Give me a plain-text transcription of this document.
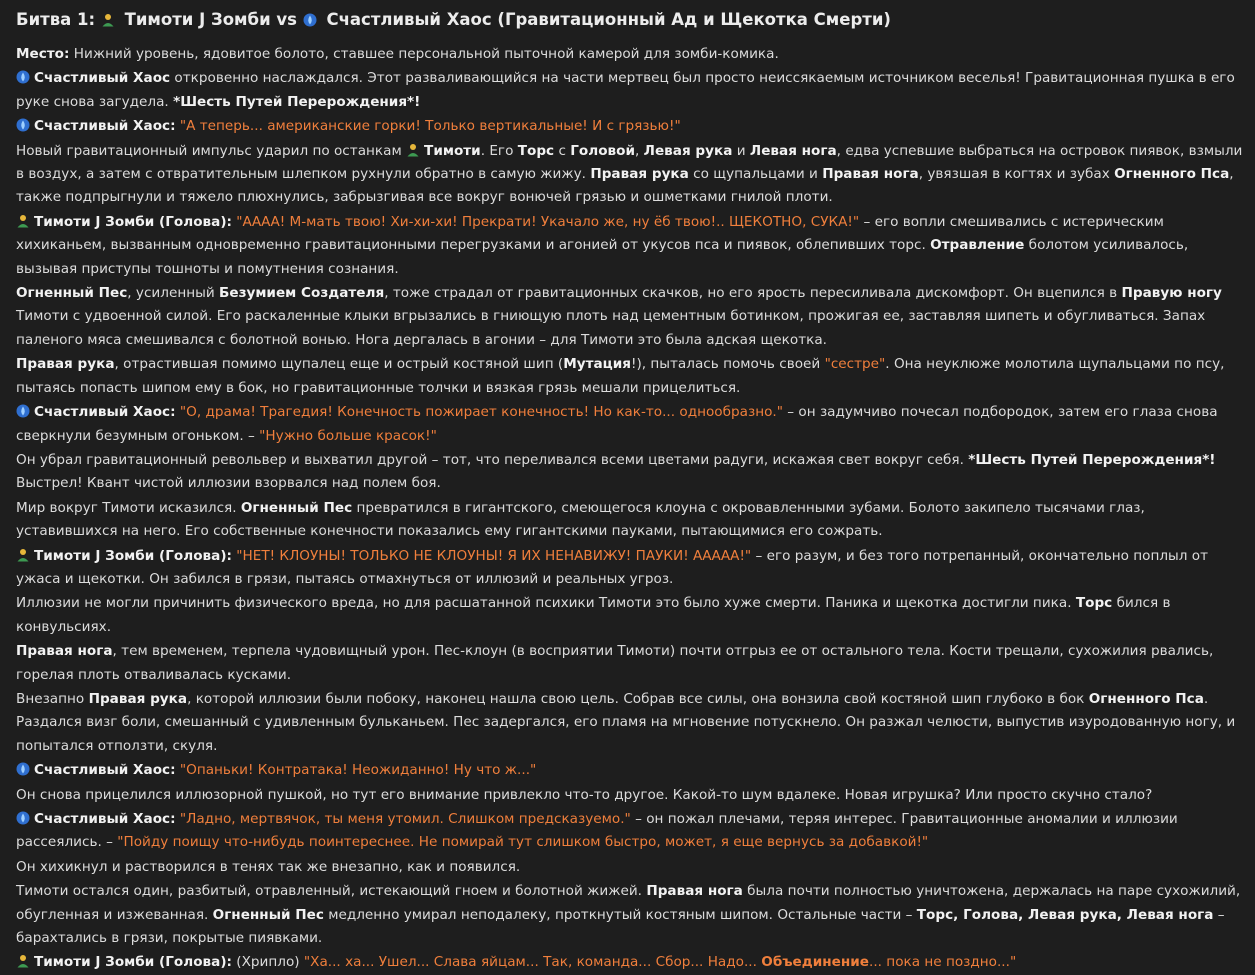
Битва 1:
Тимоти J Зомби vs
Счастливый Хаос (Гравитационный Ад и Щекотка Смерти)

Место: Нижний уровень, ядовитое болото, ставшее персональной пыточной камерой для зомби-комика.

Счастливый Хаос откровенно наслаждался. Этот разваливающийся на части мертвец был просто неиссякаемым источником веселья! Гравитационная пушка в его руке снова загудела. *Шесть Путей Перерождения*!

Счастливый Хаос: "А теперь... американские горки! Только вертикальные! И с грязью!"

Новый гравитационный импульс ударил по останкам
Тимоти. Его Торс с Головой, Левая рука и Левая нога, едва успевшие выбраться на островок пиявок, взмыли в воздух, а затем с отвратительным шлепком рухнули обратно в самую жижу. Правая рука со щупальцами и Правая нога, увязшая в когтях и зубах Огненного Пса, также подпрыгнули и тяжело плюхнулись, забрызгивая все вокруг вонючей грязью и ошметками гнилой плоти.

Тимоти J Зомби (Голова): "АААА! М-мать твою! Хи-хи-хи! Прекрати! Укачало же, ну ёб твою!.. ЩЕКОТНО, СУКА!" – его вопли смешивались с истерическим хихиканьем, вызванным одновременно гравитационными перегрузками и агонией от укусов пса и пиявок, облепивших торс. Отравление болотом усиливалось, вызывая приступы тошноты и помутнения сознания.

Огненный Пес, усиленный Безумием Создателя, тоже страдал от гравитационных скачков, но его ярость пересиливала дискомфорт. Он вцепился в Правую ногу Тимоти с удвоенной силой. Его раскаленные клыки вгрызались в гниющую плоть над цементным ботинком, прожигая ее, заставляя шипеть и обугливаться. Запах паленого мяса смешивался с болотной вонью. Нога дергалась в агонии – для Тимоти это была адская щекотка.

Правая рука, отрастившая помимо щупалец еще и острый костяной шип (Мутация!), пыталась помочь своей "сестре". Она неуклюже молотила щупальцами по псу, пытаясь попасть шипом ему в бок, но гравитационные толчки и вязкая грязь мешали прицелиться.

Счастливый Хаос: "О, драма! Трагедия! Конечность пожирает конечность! Но как-то... однообразно." – он задумчиво почесал подбородок, затем его глаза снова сверкнули безумным огоньком. – "Нужно больше красок!"

Он убрал гравитационный револьвер и выхватил другой – тот, что переливался всеми цветами радуги, искажая свет вокруг себя. *Шесть Путей Перерождения*! Выстрел! Квант чистой иллюзии взорвался над полем боя.

Мир вокруг Тимоти исказился. Огненный Пес превратился в гигантского, смеющегося клоуна с окровавленными зубами. Болото закипело тысячами глаз, уставившихся на него. Его собственные конечности показались ему гигантскими пауками, пытающимися его сожрать.

Тимоти J Зомби (Голова): "НЕТ! КЛОУНЫ! ТОЛЬКО НЕ КЛОУНЫ! Я ИХ НЕНАВИЖУ! ПАУКИ! ААААА!" – его разум, и без того потрепанный, окончательно поплыл от ужаса и щекотки. Он забился в грязи, пытаясь отмахнуться от иллюзий и реальных угроз.

Иллюзии не могли причинить физического вреда, но для расшатанной психики Тимоти это было хуже смерти. Паника и щекотка достигли пика. Торс бился в конвульсиях.

Правая нога, тем временем, терпела чудовищный урон. Пес-клоун (в восприятии Тимоти) почти отгрыз ее от остального тела. Кости трещали, сухожилия рвались, горелая плоть отваливалась кусками.

Внезапно Правая рука, которой иллюзии были побоку, наконец нашла свою цель. Собрав все силы, она вонзила свой костяной шип глубоко в бок Огненного Пса. Раздался визг боли, смешанный с удивленным бульканьем. Пес задергался, его пламя на мгновение потускнело. Он разжал челюсти, выпустив изуродованную ногу, и попытался отползти, скуля.

Счастливый Хаос: "Опаньки! Контратака! Неожиданно! Ну что ж..."

Он снова прицелился иллюзорной пушкой, но тут его внимание привлекло что-то другое. Какой-то шум вдалеке. Новая игрушка? Или просто скучно стало?

Счастливый Хаос: "Ладно, мертвячок, ты меня утомил. Слишком предсказуемо." – он пожал плечами, теряя интерес. Гравитационные аномалии и иллюзии рассеялись. – "Пойду поищу что-нибудь поинтереснее. Не помирай тут слишком быстро, может, я еще вернусь за добавкой!"

Он хихикнул и растворился в тенях так же внезапно, как и появился.

Тимоти остался один, разбитый, отравленный, истекающий гноем и болотной жижей. Правая нога была почти полностью уничтожена, держалась на паре сухожилий, обугленная и изжеванная. Огненный Пес медленно умирал неподалеку, проткнутый костяным шипом. Остальные части – Торс, Голова, Левая рука, Левая нога – барахтались в грязи, покрытые пиявками.

Тимоти J Зомби (Голова): (Хрипло) "Ха... ха... Ушел... Слава яйцам... Так, команда... Сбор... Надо... Объединение... пока не поздно..."
